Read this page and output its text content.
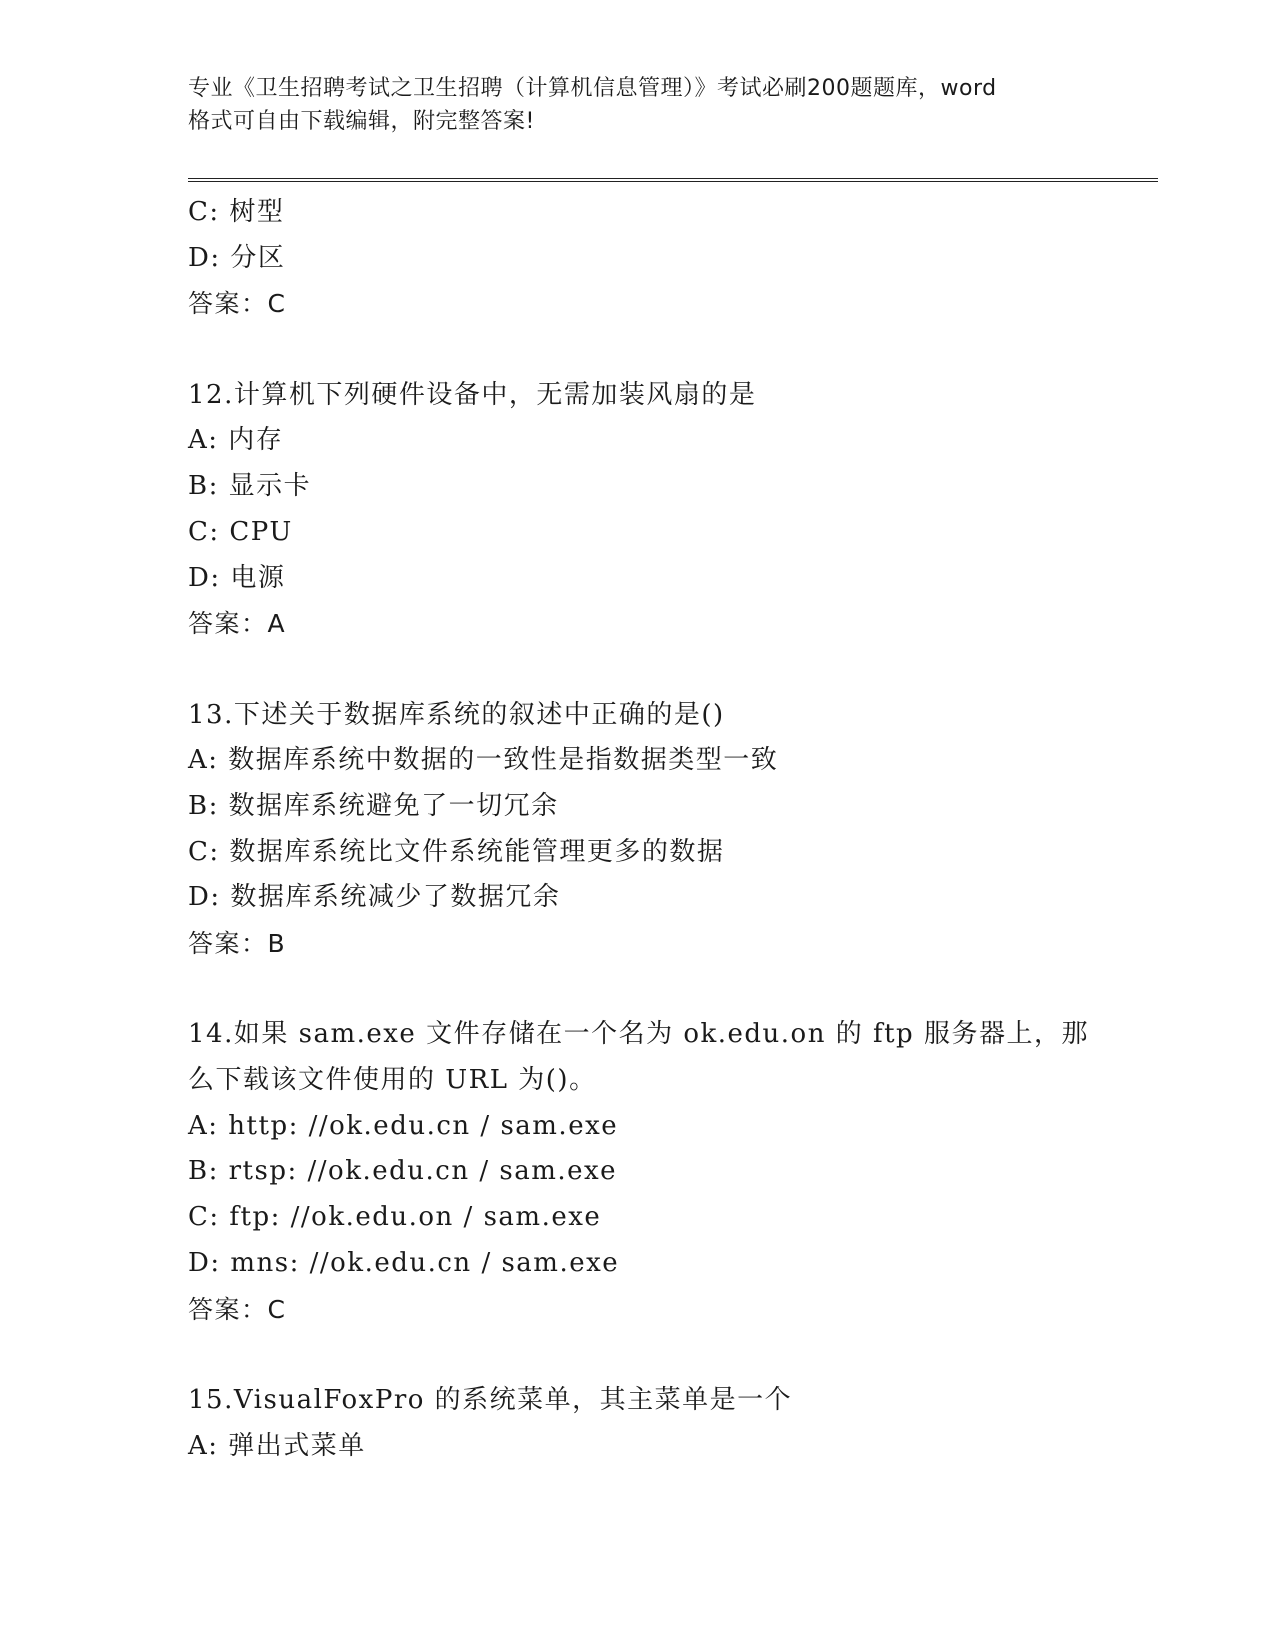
专业《卫生招聘考试之卫生招聘（计算机信息管理）》考试必刷200题题库，word
格式可自由下载编辑，附完整答案!
C: 树型
D: 分区
答案：C
12.计算机下列硬件设备中，无需加装风扇的是
A: 内存
B: 显示卡
C: CPU
D: 电源
答案：A
13.下述关于数据库系统的叙述中正确的是()
A: 数据库系统中数据的一致性是指数据类型一致
B: 数据库系统避免了一切冗余
C: 数据库系统比文件系统能管理更多的数据
D: 数据库系统减少了数据冗余
答案：B
14.如果 sam.exe 文件存储在一个名为 ok.edu.on 的 ftp 服务器上，那
么下载该文件使用的 URL 为()。
A: http: //ok.edu.cn / sam.exe
B: rtsp: //ok.edu.cn / sam.exe
C: ftp: //ok.edu.on / sam.exe
D: mns: //ok.edu.cn / sam.exe
答案：C
15.VisualFoxPro 的系统菜单，其主菜单是一个
A: 弹出式菜单
